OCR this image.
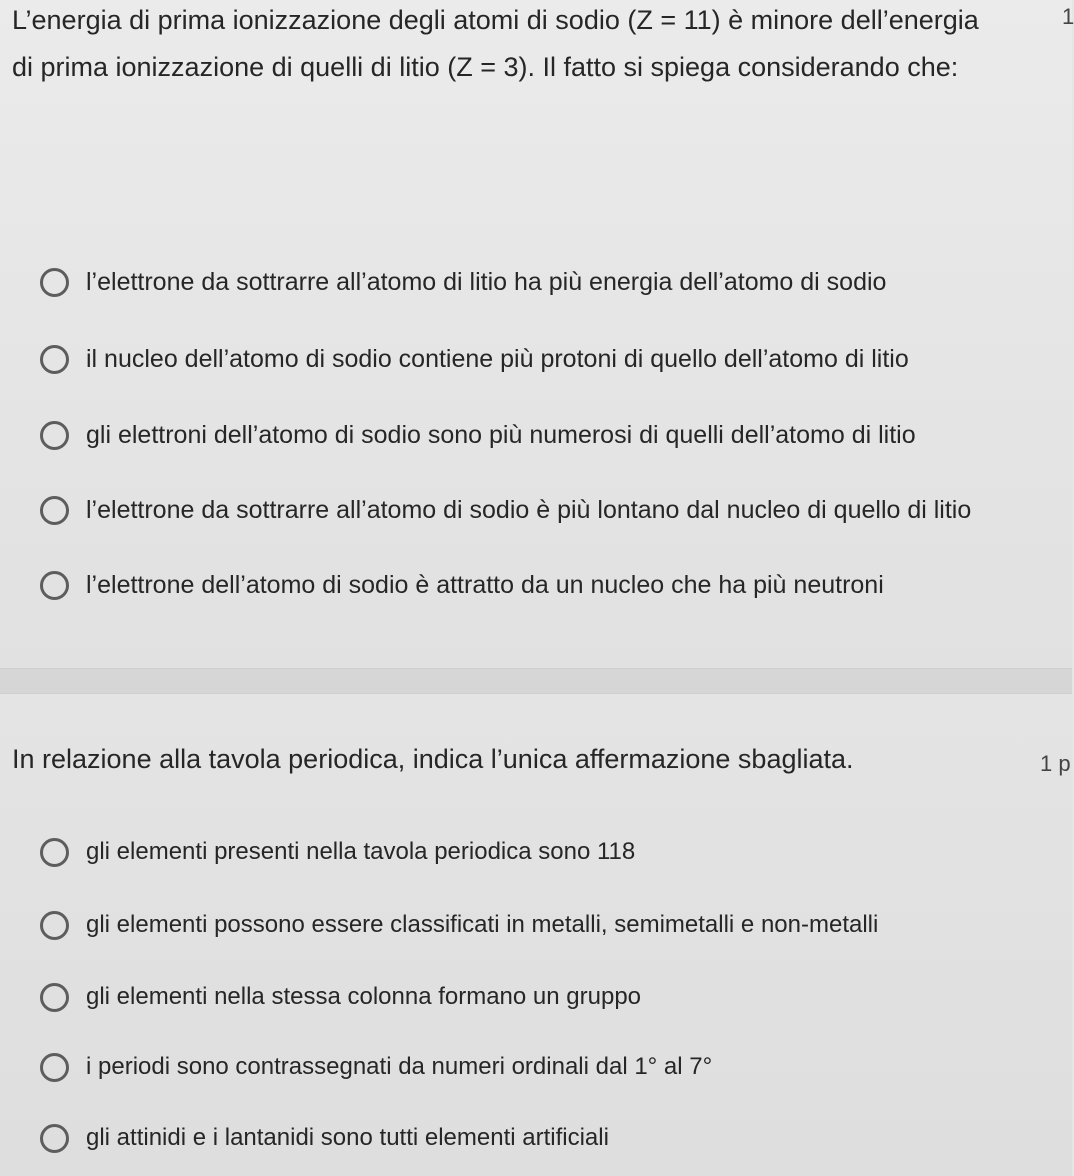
L’energia di prima ionizzazione degli atomi di sodio (Z = 11) è minore dell’energia di prima ionizzazione di quelli di litio (Z = 3). Il fatto si spiega considerando che:

1
l’elettrone da sottrarre all’atomo di litio ha più energia dell’atomo di sodio
il nucleo dell’atomo di sodio contiene più protoni di quello dell’atomo di litio
gli elettroni dell’atomo di sodio sono più numerosi di quelli dell’atomo di litio
l’elettrone da sottrarre all’atomo di sodio è più lontano dal nucleo di quello di litio
l’elettrone dell’atomo di sodio è attratto da un nucleo che ha più neutroni

In relazione alla tavola periodica, indica l’unica affermazione sbagliata.	1 p
gli elementi presenti nella tavola periodica sono 118
gli elementi possono essere classificati in metalli, semimetalli e non-metalli
gli elementi nella stessa colonna formano un gruppo
i periodi sono contrassegnati da numeri ordinali dal 1° al 7°
gli attinidi e i lantanidi sono tutti elementi artificiali
